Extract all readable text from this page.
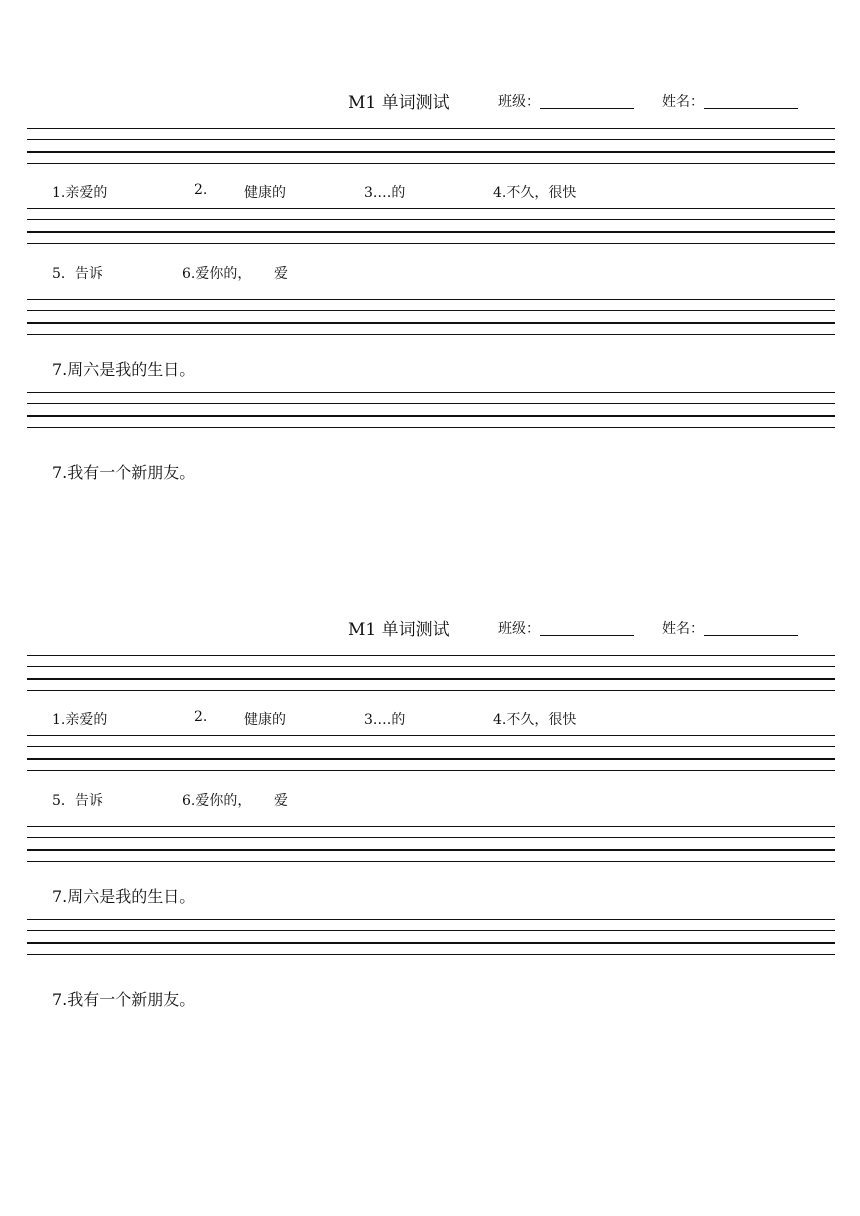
M1 单词测试	班级：	姓名：
1.亲爱的	2.	健康的	3.…的	4.不久，很快
5．告诉	6.爱你的， 爱
7.周六是我的生日。
7.我有一个新朋友。
M1 单词测试	班级：	姓名：
1.亲爱的	2.	健康的	3.…的	4.不久，很快
5．告诉	6.爱你的， 爱
7.周六是我的生日。
7.我有一个新朋友。
